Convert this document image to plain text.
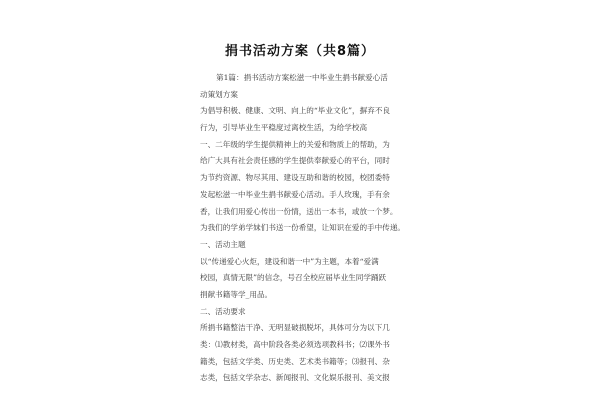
捐书活动方案（共8篇）
第1篇：捐书活动方案松滋一中毕业生捐书献爱心活
动策划方案
为倡导积极、健康、文明、向上的“毕业文化”，摒弃不良
行为，引导毕业生平稳度过离校生活，为给学校高
一、二年级的学生提供精神上的关爱和物质上的帮助，为
给广大具有社会责任感的学生提供奉献爱心的平台，同时
为节约资源、物尽其用、建设互助和谐的校园，校团委特
发起松滋一中毕业生捐书献爱心活动。手人玫瑰，手有余
香，让我们用爱心传出一份情，送出一本书，或放一个梦。
为我们的学弟学妹们书送一份希望，让知识在爱的手中传递。
一、活动主题
以“传递爱心火炬，建设和谐一中”为主题，本着“爱满
校园，真情无限”的信念，号召全校应届毕业生同学踊跃
捐献书籍等学_用品。
二、活动要求
所捐书籍整洁干净、无明显破损脱坏，具体可分为以下几
类：⑴教材类，高中阶段各类必须选项教科书；⑵课外书
籍类，包括文学类、历史类、艺术类书籍等；⑶报刊、杂
志类，包括文学杂志、新闻报刊、文化娱乐报刊、美文报
